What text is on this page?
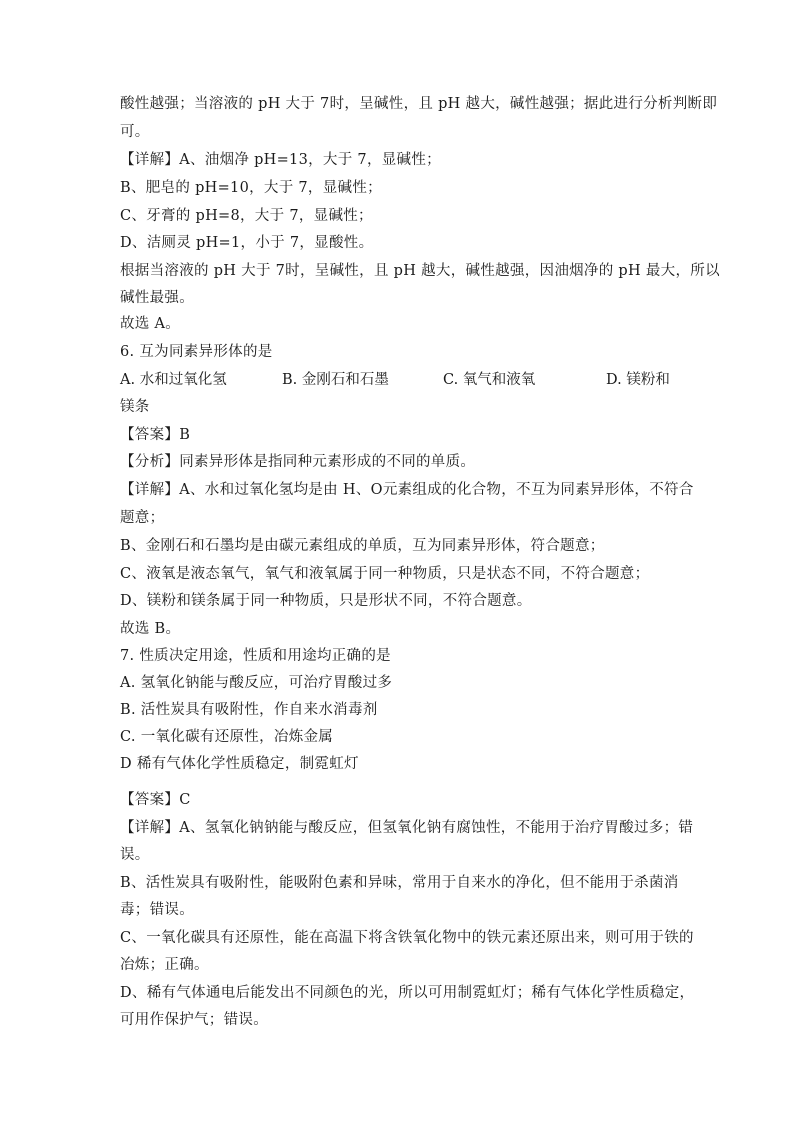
酸性越强；当溶液的 pH 大于 7时，呈碱性，且 pH 越大，碱性越强；据此进行分析判断即
可。
【详解】A、油烟净 pH=13，大于 7，显碱性；
B、肥皂的 pH=10，大于 7，显碱性；
C、牙膏的 pH=8，大于 7，显碱性；
D、洁厕灵 pH=1，小于 7，显酸性。
根据当溶液的 pH 大于 7时，呈碱性，且 pH 越大，碱性越强，因油烟净的 pH 最大，所以
碱性最强。
故选 A。
6. 互为同素异形体的是
A. 水和过氧化氢	B. 金刚石和石墨	C. 氧气和液氧	D. 镁粉和
镁条
【答案】B
【分析】同素异形体是指同种元素形成的不同的单质。
【详解】A、水和过氧化氢均是由 H、O元素组成的化合物，不互为同素异形体，不符合
题意；
B、金刚石和石墨均是由碳元素组成的单质，互为同素异形体，符合题意；
C、液氧是液态氧气，氧气和液氧属于同一种物质，只是状态不同，不符合题意；
D、镁粉和镁条属于同一种物质，只是形状不同，不符合题意。
故选 B。
7. 性质决定用途，性质和用途均正确的是
A. 氢氧化钠能与酸反应，可治疗胃酸过多
B. 活性炭具有吸附性，作自来水消毒剂
C. 一氧化碳有还原性，冶炼金属
D 稀有气体化学性质稳定，制霓虹灯
【答案】C
【详解】A、氢氧化钠钠能与酸反应，但氢氧化钠有腐蚀性，不能用于治疗胃酸过多；错
误。
B、活性炭具有吸附性，能吸附色素和异味，常用于自来水的净化，但不能用于杀菌消
毒；错误。
C、一氧化碳具有还原性，能在高温下将含铁氧化物中的铁元素还原出来，则可用于铁的
冶炼；正确。
D、稀有气体通电后能发出不同颜色的光，所以可用制霓虹灯；稀有气体化学性质稳定，
可用作保护气；错误。
